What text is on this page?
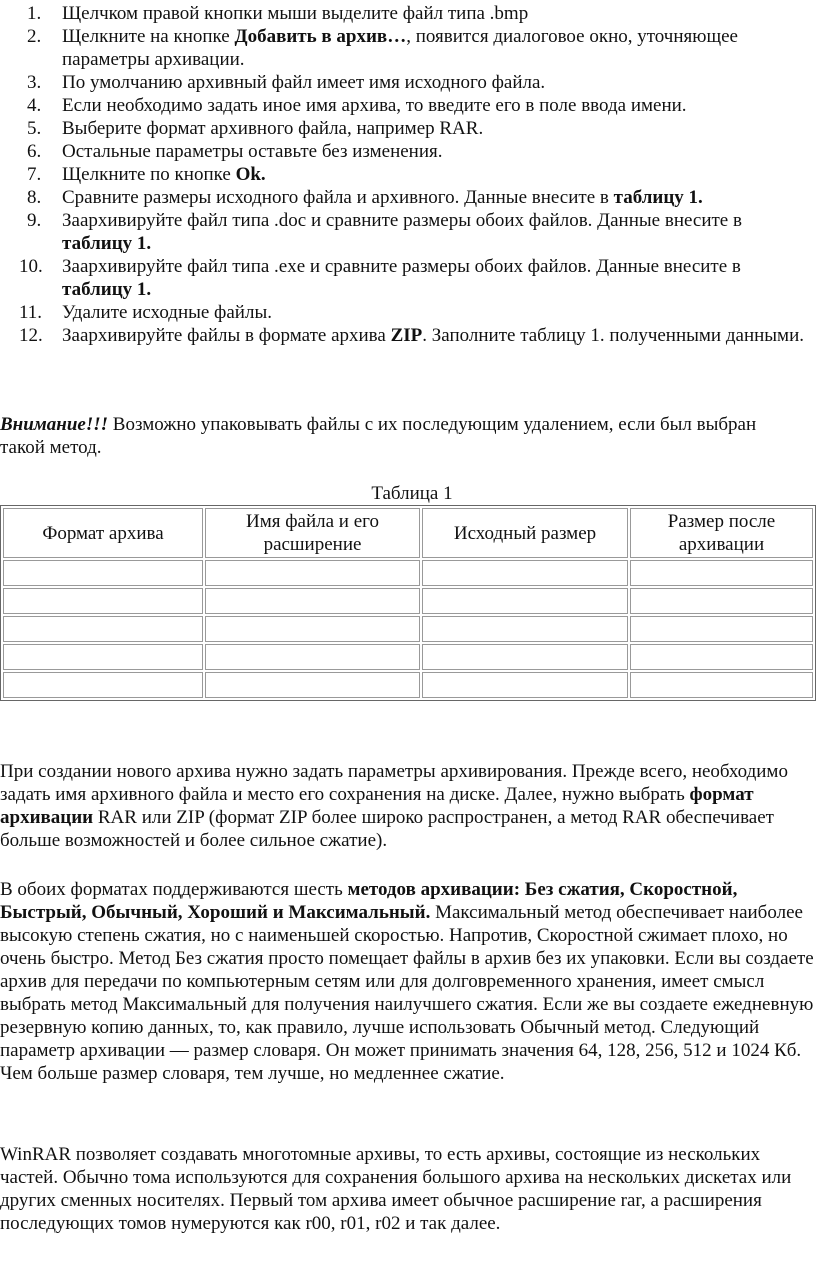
1. Щелчком правой кнопки мыши выделите файл типа .bmp
2. Щелкните на кнопке Добавить в архив…, появится диалоговое окно, уточняющее параметры архивации.
3. По умолчанию архивный файл имеет имя исходного файла.
4. Если необходимо задать иное имя архива, то введите его в поле ввода имени.
5. Выберите формат архивного файла, например RAR.
6. Остальные параметры оставьте без изменения.
7. Щелкните по кнопке Ok.
8. Сравните размеры исходного файла и архивного. Данные внесите в таблицу 1.
9. Заархивируйте файл типа .doc и сравните размеры обоих файлов. Данные внесите в таблицу 1.
10. Заархивируйте файл типа .exe и сравните размеры обоих файлов. Данные внесите в таблицу 1.
11. Удалите исходные файлы.
12. Заархивируйте файлы в формате архива ZIP. Заполните таблицу 1. полученными данными.
Внимание!!! Возможно упаковывать файлы с их последующим удалением, если был выбран такой метод.
Таблица 1
Формат архива	Имя файла и его расширение	Исходный размер	Размер после архивации

При создании нового архива нужно задать параметры архивирования. Прежде всего, необходимо задать имя архивного файла и место его сохранения на диске. Далее, нужно выбрать формат архивации RAR или ZIP (формат ZIP более широко распространен, а метод RAR обеспечивает больше возможностей и более сильное сжатие).
В обоих форматах поддерживаются шесть методов архивации: Без сжатия, Скоростной, Быстрый, Обычный, Хороший и Максимальный. Максимальный метод обеспечивает наиболее высокую степень сжатия, но с наименьшей скоростью. Напротив, Скоростной сжимает плохо, но очень быстро. Метод Без сжатия просто помещает файлы в архив без их упаковки. Если вы создаете архив для передачи по компьютерным сетям или для долговременного хранения, имеет смысл выбрать метод Максимальный для получения наилучшего сжатия. Если же вы создаете ежедневную резервную копию данных, то, как правило, лучше использовать Обычный метод. Следующий параметр архивации — размер словаря. Он может принимать значения 64, 128, 256, 512 и 1024 Кб. Чем больше размер словаря, тем лучше, но медленнее сжатие.
WinRAR позволяет создавать многотомные архивы, то есть архивы, состоящие из нескольких частей. Обычно тома используются для сохранения большого архива на нескольких дискетах или других сменных носителях. Первый том архива имеет обычное расширение rar, а расширения последующих томов нумеруются как r00, r01, r02 и так далее.
